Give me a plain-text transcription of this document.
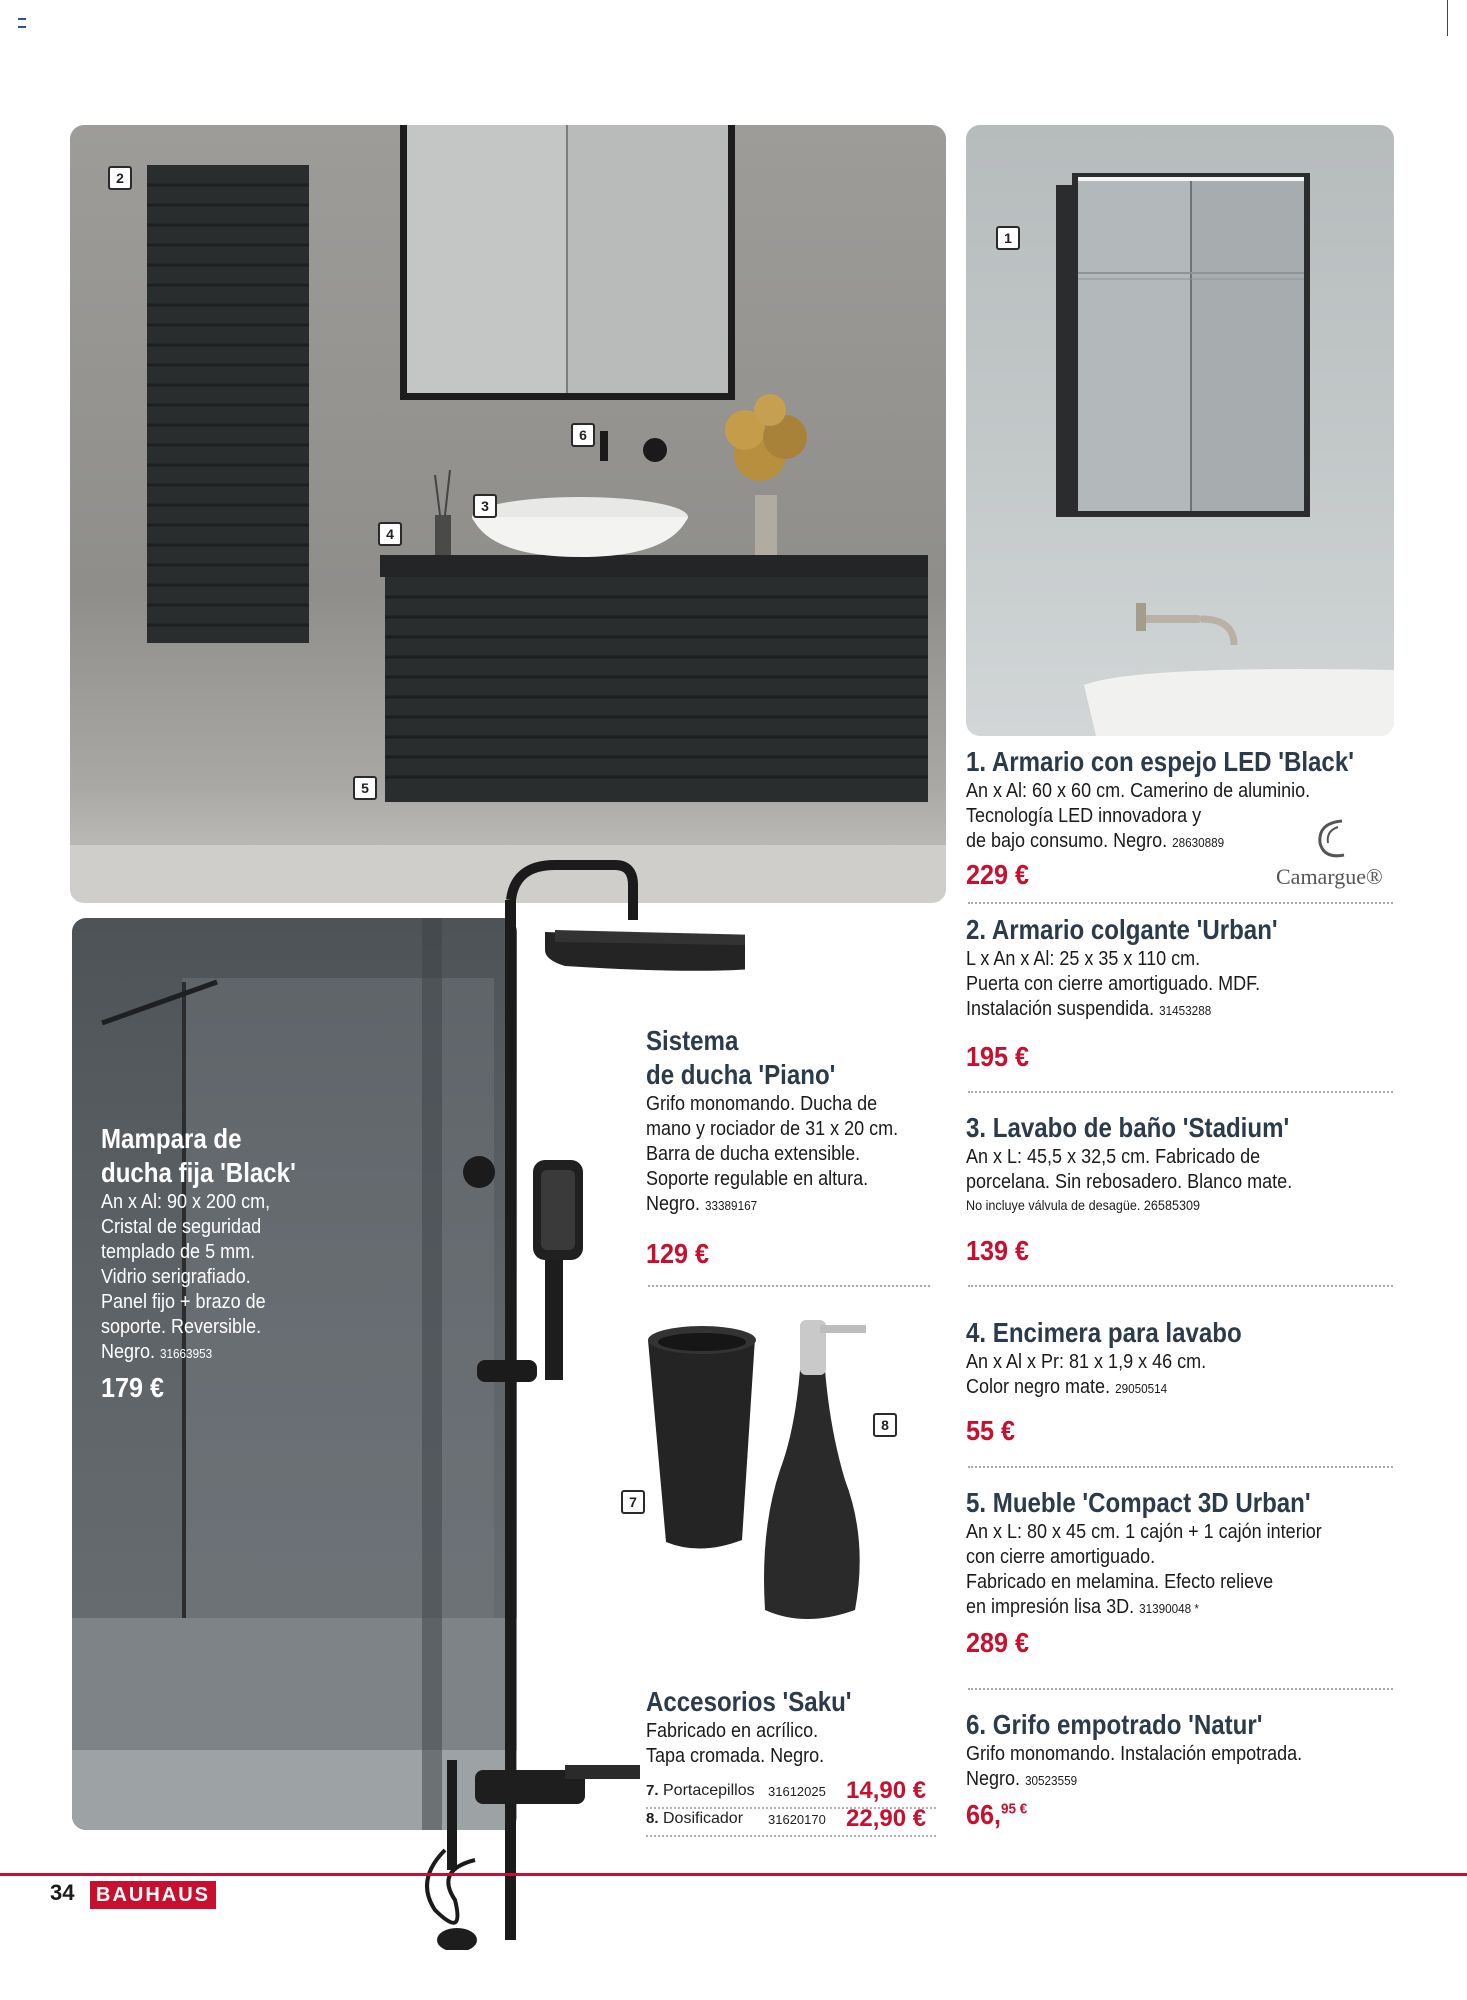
1
2
3
4
5
6
7
8
1. Armario con espejo LED 'Black'
An x Al: 60 x 60 cm. Camerino de aluminio.
Tecnología LED innovadora y
de bajo consumo. Negro. 28630889
229 €	Camargue®
2. Armario colgante 'Urban'
L x An x Al: 25 x 35 x 110 cm.
Puerta con cierre amortiguado. MDF.
Instalación suspendida. 31453288
195 €
3. Lavabo de baño 'Stadium'
An x L: 45,5 x 32,5 cm. Fabricado de
porcelana. Sin rebosadero. Blanco mate.
No incluye válvula de desagüe. 26585309
139 €
4. Encimera para lavabo
An x Al x Pr: 81 x 1,9 x 46 cm.
Color negro mate. 29050514
55 €
5. Mueble 'Compact 3D Urban'
An x L: 80 x 45 cm. 1 cajón + 1 cajón interior
con cierre amortiguado.
Fabricado en melamina. Efecto relieve
en impresión lisa 3D. 31390048 *
289 €
6. Grifo empotrado 'Natur'
Grifo monomando. Instalación empotrada.
Negro. 30523559
66,$^{95 €}$
Sistema
de ducha 'Piano'
Grifo monomando. Ducha de
mano y rociador de 31 x 20 cm.
Barra de ducha extensible.
Soporte regulable en altura.
Negro. 33389167
129 €
Mampara de
ducha fija 'Black'
An x Al: 90 x 200 cm,
Cristal de seguridad
templado de 5 mm.
Vidrio serigrafiado.
Panel fijo + brazo de
soporte. Reversible.
Negro. 31663953
179 €
Accesorios 'Saku'
Fabricado en acrílico.
Tapa cromada. Negro.
7. Portacepillos 31612025 14,90 €
8. Dosificador 31620170 22,90 €
34	BAUHAUS
